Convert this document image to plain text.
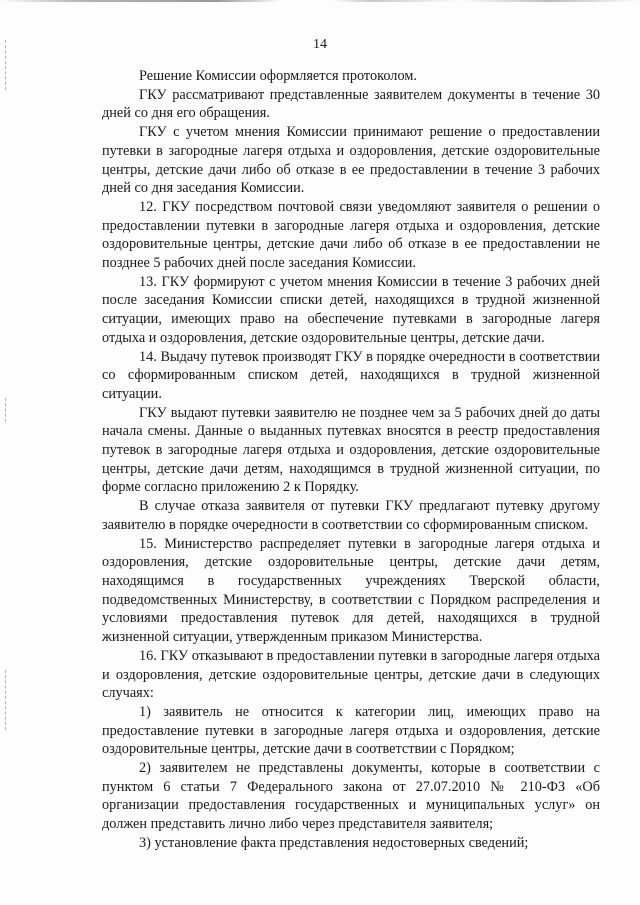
14

Решение Комиссии оформляется протоколом.

ГКУ рассматривают представленные заявителем документы в течение 30 дней со дня его обращения.

ГКУ с учетом мнения Комиссии принимают решение о предоставлении путевки в загородные лагеря отдыха и оздоровления, детские оздоровительные центры, детские дачи либо об отказе в ее предоставлении в течение 3 рабочих дней со дня заседания Комиссии.

12. ГКУ посредством почтовой связи уведомляют заявителя о решении о предоставлении путевки в загородные лагеря отдыха и оздоровления, детские оздоровительные центры, детские дачи либо об отказе в ее предоставлении не позднее 5 рабочих дней после заседания Комиссии.

13. ГКУ формируют с учетом мнения Комиссии в течение 3 рабочих дней после заседания Комиссии списки детей, находящихся в трудной жизненной ситуации, имеющих право на обеспечение путевками в загородные лагеря отдыха и оздоровления, детские оздоровительные центры, детские дачи.

14. Выдачу путевок производят ГКУ в порядке очередности в соответствии со сформированным списком детей, находящихся в трудной жизненной ситуации.

ГКУ выдают путевки заявителю не позднее чем за 5 рабочих дней до даты начала смены. Данные о выданных путевках вносятся в реестр предоставления путевок в загородные лагеря отдыха и оздоровления, детские оздоровительные центры, детские дачи детям, находящимся в трудной жизненной ситуации, по форме согласно приложению 2 к Порядку.

В случае отказа заявителя от путевки ГКУ предлагают путевку другому заявителю в порядке очередности в соответствии со сформированным списком.

15. Министерство распределяет путевки в загородные лагеря отдыха и оздоровления, детские оздоровительные центры, детские дачи детям, находящимся в государственных учреждениях Тверской области, подведомственных Министерству, в соответствии с Порядком распределения и условиями предоставления путевок для детей, находящихся в трудной жизненной ситуации, утвержденным приказом Министерства.

16. ГКУ отказывают в предоставлении путевки в загородные лагеря отдыха и оздоровления, детские оздоровительные центры, детские дачи в следующих случаях:

1) заявитель не относится к категории лиц, имеющих право на предоставление путевки в загородные лагеря отдыха и оздоровления, детские оздоровительные центры, детские дачи в соответствии с Порядком;

2) заявителем не представлены документы, которые в соответствии с пунктом 6 статьи 7 Федерального закона от 27.07.2010 № 210-ФЗ «Об организации предоставления государственных и муниципальных услуг» он должен представить лично либо через представителя заявителя;

3) установление факта представления недостоверных сведений;
